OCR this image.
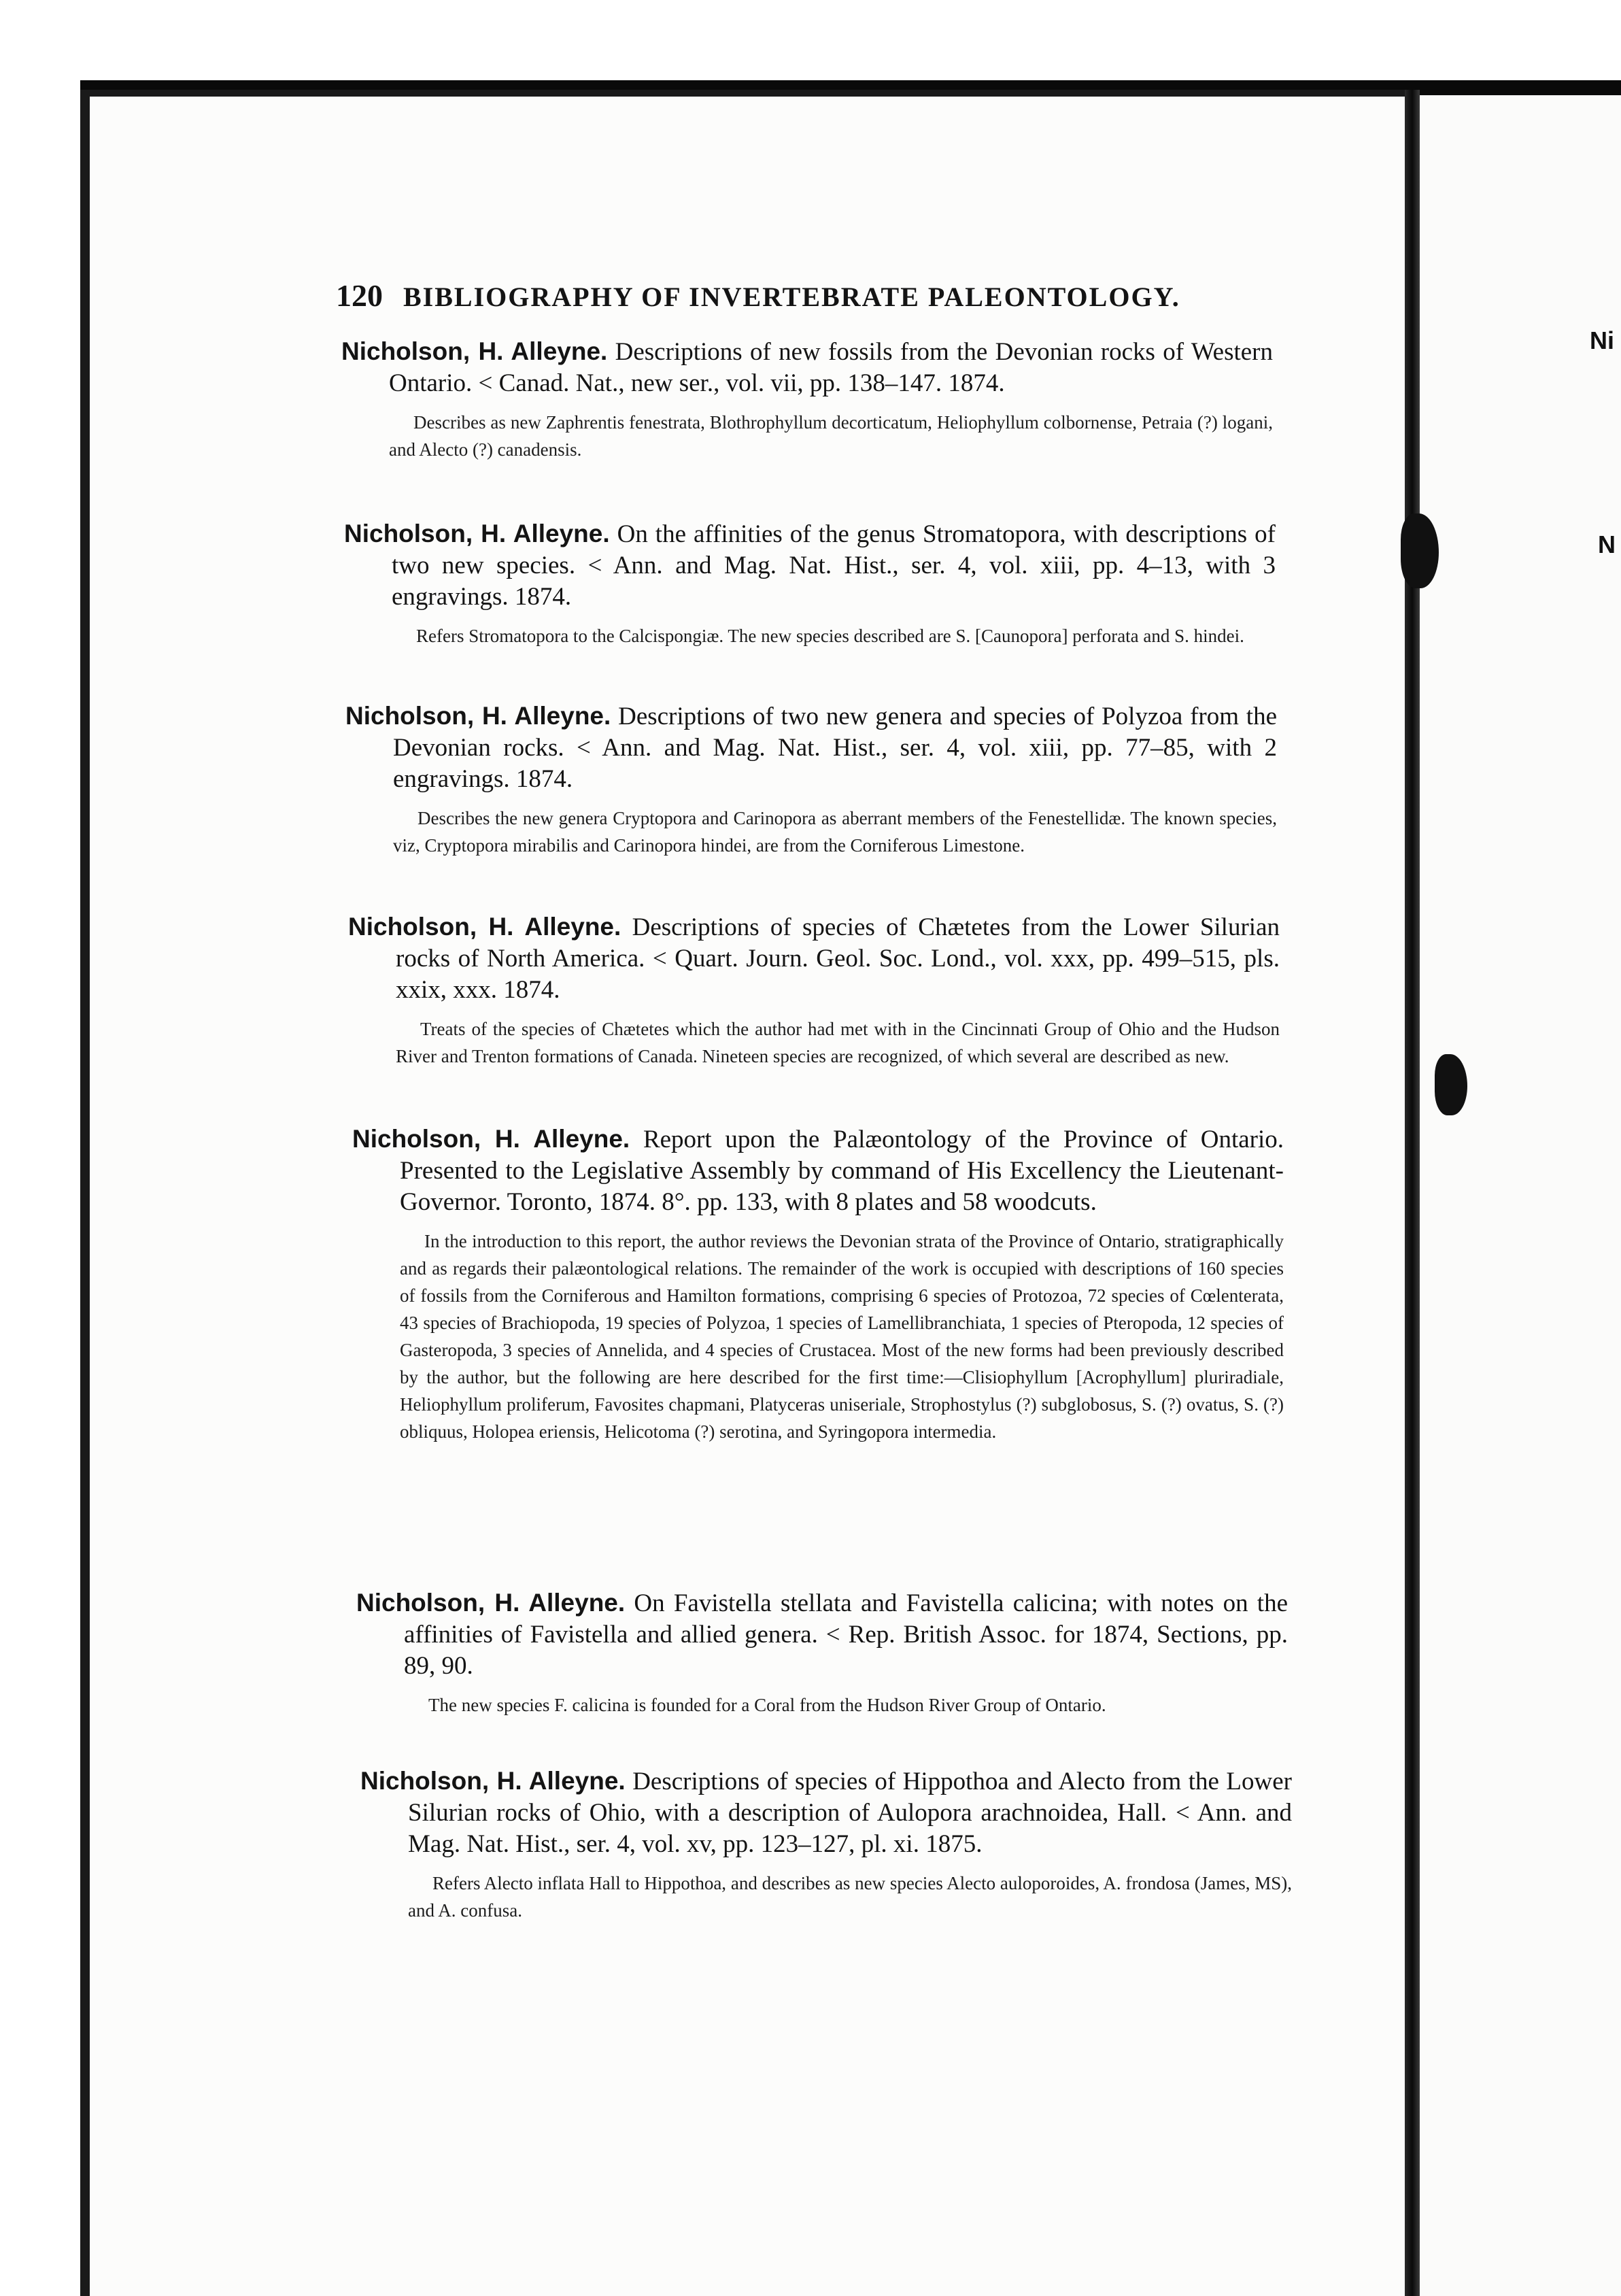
Ni
N
120 BIBLIOGRAPHY OF INVERTEBRATE PALEONTOLOGY.
Nicholson, H. Alleyne. Descriptions of new fossils from the Devonian rocks of Western Ontario. < Canad. Nat., new ser., vol. vii, pp. 138–147. 1874.
Describes as new Zaphrentis fenestrata, Blothrophyllum decorticatum, Heliophyllum colbornense, Petraia (?) logani, and Alecto (?) canadensis.
Nicholson, H. Alleyne. On the affinities of the genus Stromatopora, with descriptions of two new species. < Ann. and Mag. Nat. Hist., ser. 4, vol. xiii, pp. 4–13, with 3 engravings. 1874.
Refers Stromatopora to the Calcispongiæ. The new species described are S. [Caunopora] perforata and S. hindei.
Nicholson, H. Alleyne. Descriptions of two new genera and species of Polyzoa from the Devonian rocks. < Ann. and Mag. Nat. Hist., ser. 4, vol. xiii, pp. 77–85, with 2 engravings. 1874.
Describes the new genera Cryptopora and Carinopora as aberrant members of the Fenestellidæ. The known species, viz, Cryptopora mirabilis and Carinopora hindei, are from the Corniferous Limestone.
Nicholson, H. Alleyne. Descriptions of species of Chætetes from the Lower Silurian rocks of North America. < Quart. Journ. Geol. Soc. Lond., vol. xxx, pp. 499–515, pls. xxix, xxx. 1874.
Treats of the species of Chætetes which the author had met with in the Cincinnati Group of Ohio and the Hudson River and Trenton formations of Canada. Nineteen species are recognized, of which several are described as new.
Nicholson, H. Alleyne. Report upon the Palæontology of the Province of Ontario. Presented to the Legislative Assembly by command of His Excellency the Lieutenant-Governor. Toronto, 1874. 8°. pp. 133, with 8 plates and 58 woodcuts.
In the introduction to this report, the author reviews the Devonian strata of the Province of Ontario, stratigraphically and as regards their palæontological relations. The remainder of the work is occupied with descriptions of 160 species of fossils from the Corniferous and Hamilton formations, comprising 6 species of Protozoa, 72 species of Cœlenterata, 43 species of Brachiopoda, 19 species of Polyzoa, 1 species of Lamellibranchiata, 1 species of Pteropoda, 12 species of Gasteropoda, 3 species of Annelida, and 4 species of Crustacea. Most of the new forms had been previously described by the author, but the following are here described for the first time:—Clisiophyllum [Acrophyllum] pluriradiale, Heliophyllum proliferum, Favosites chapmani, Platyceras uniseriale, Strophostylus (?) subglobosus, S. (?) ovatus, S. (?) obliquus, Holopea eriensis, Helicotoma (?) serotina, and Syringopora intermedia.
Nicholson, H. Alleyne. On Favistella stellata and Favistella calicina; with notes on the affinities of Favistella and allied genera. < Rep. British Assoc. for 1874, Sections, pp. 89, 90.
The new species F. calicina is founded for a Coral from the Hudson River Group of Ontario.
Nicholson, H. Alleyne. Descriptions of species of Hippothoa and Alecto from the Lower Silurian rocks of Ohio, with a description of Aulopora arachnoidea, Hall. < Ann. and Mag. Nat. Hist., ser. 4, vol. xv, pp. 123–127, pl. xi. 1875.
Refers Alecto inflata Hall to Hippothoa, and describes as new species Alecto auloporoides, A. frondosa (James, MS), and A. confusa.
